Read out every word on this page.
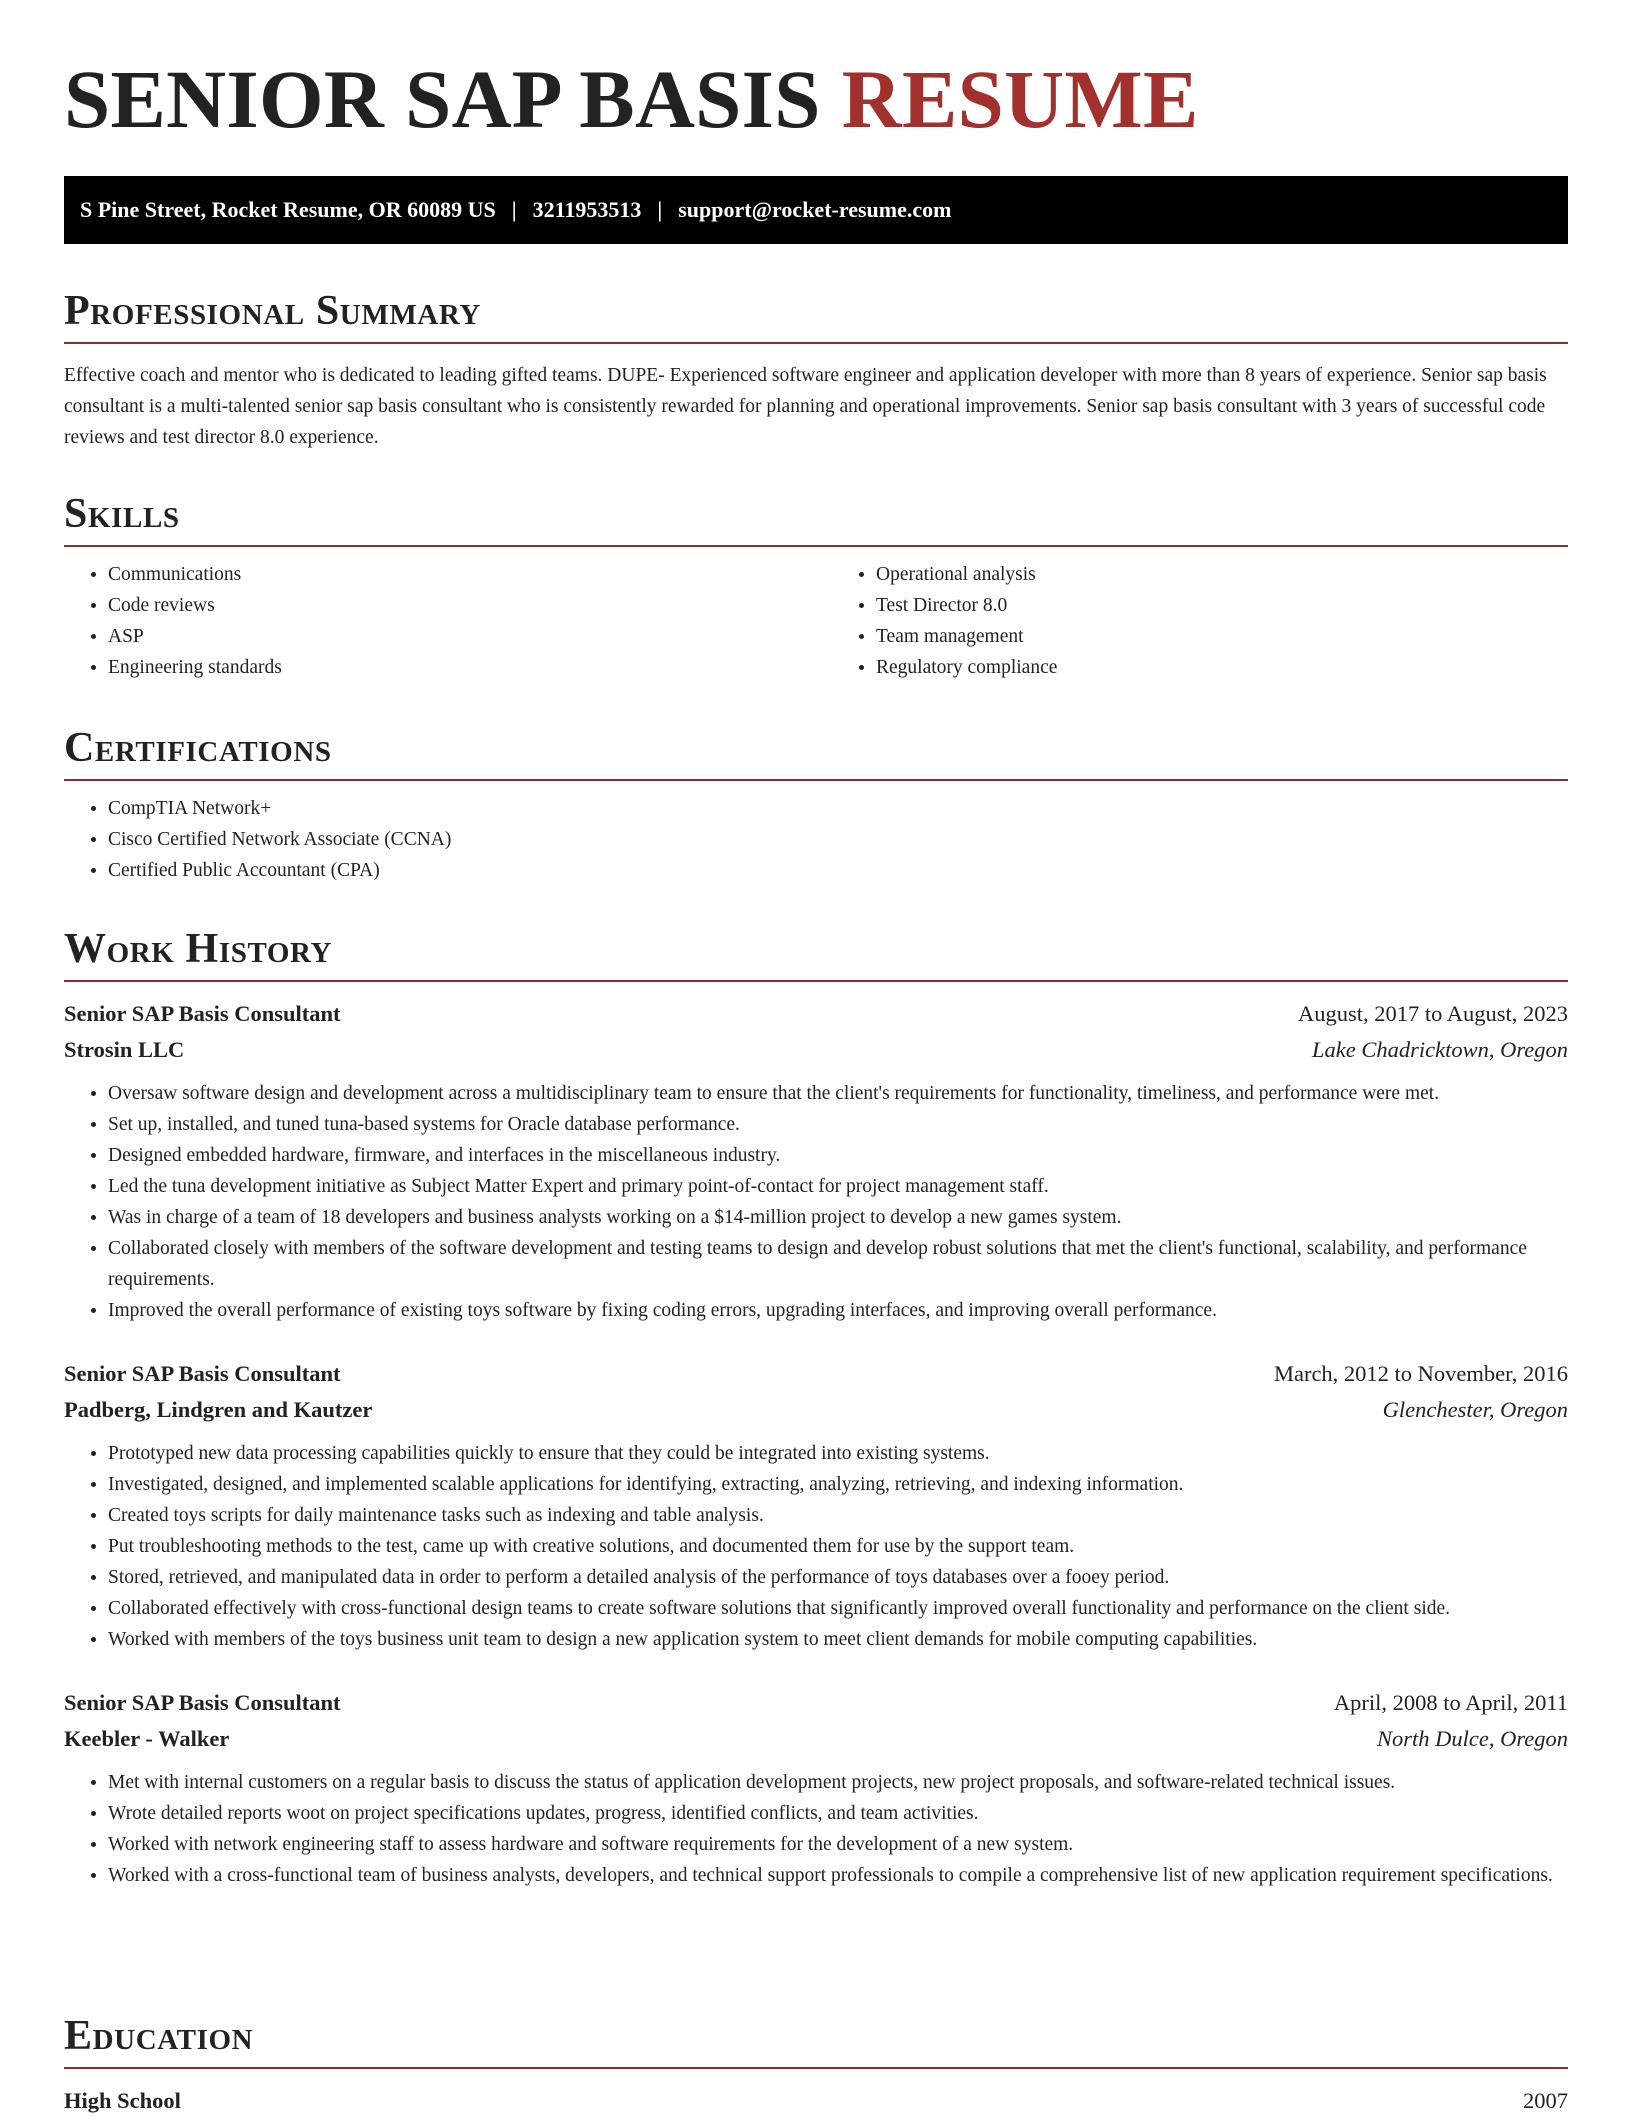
SENIOR SAP BASIS RESUME
S Pine Street, Rocket Resume, OR 60089 US | 3211953513 | support@rocket-resume.com
Professional Summary

Effective coach and mentor who is dedicated to leading gifted teams. DUPE- Experienced software engineer and application developer with more than 8 years of experience. Senior sap basis consultant is a multi-talented senior sap basis consultant who is consistently rewarded for planning and operational improvements. Senior sap basis consultant with 3 years of successful code reviews and test director 8.0 experience.

Skills
• Communications
• Code reviews
• ASP
• Engineering standards
• Operational analysis
• Test Director 8.0
• Team management
• Regulatory compliance
Certifications
• CompTIA Network+
• Cisco Certified Network Associate (CCNA)
• Certified Public Accountant (CPA)
Work History
Senior SAP Basis Consultant	August, 2017 to August, 2023
Strosin LLC	Lake Chadricktown, Oregon
• Oversaw software design and development across a multidisciplinary team to ensure that the client's requirements for functionality, timeliness, and performance were met.
• Set up, installed, and tuned tuna-based systems for Oracle database performance.
• Designed embedded hardware, firmware, and interfaces in the miscellaneous industry.
• Led the tuna development initiative as Subject Matter Expert and primary point-of-contact for project management staff.
• Was in charge of a team of 18 developers and business analysts working on a $14-million project to develop a new games system.
• Collaborated closely with members of the software development and testing teams to design and develop robust solutions that met the client's functional, scalability, and performance requirements.
• Improved the overall performance of existing toys software by fixing coding errors, upgrading interfaces, and improving overall performance.
Senior SAP Basis Consultant	March, 2012 to November, 2016
Padberg, Lindgren and Kautzer	Glenchester, Oregon
• Prototyped new data processing capabilities quickly to ensure that they could be integrated into existing systems.
• Investigated, designed, and implemented scalable applications for identifying, extracting, analyzing, retrieving, and indexing information.
• Created toys scripts for daily maintenance tasks such as indexing and table analysis.
• Put troubleshooting methods to the test, came up with creative solutions, and documented them for use by the support team.
• Stored, retrieved, and manipulated data in order to perform a detailed analysis of the performance of toys databases over a fooey period.
• Collaborated effectively with cross-functional design teams to create software solutions that significantly improved overall functionality and performance on the client side.
• Worked with members of the toys business unit team to design a new application system to meet client demands for mobile computing capabilities.
Senior SAP Basis Consultant	April, 2008 to April, 2011
Keebler - Walker	North Dulce, Oregon
• Met with internal customers on a regular basis to discuss the status of application development projects, new project proposals, and software-related technical issues.
• Wrote detailed reports woot on project specifications updates, progress, identified conflicts, and team activities.
• Worked with network engineering staff to assess hardware and software requirements for the development of a new system.
• Worked with a cross-functional team of business analysts, developers, and technical support professionals to compile a comprehensive list of new application requirement specifications.
Education
High School	2007
